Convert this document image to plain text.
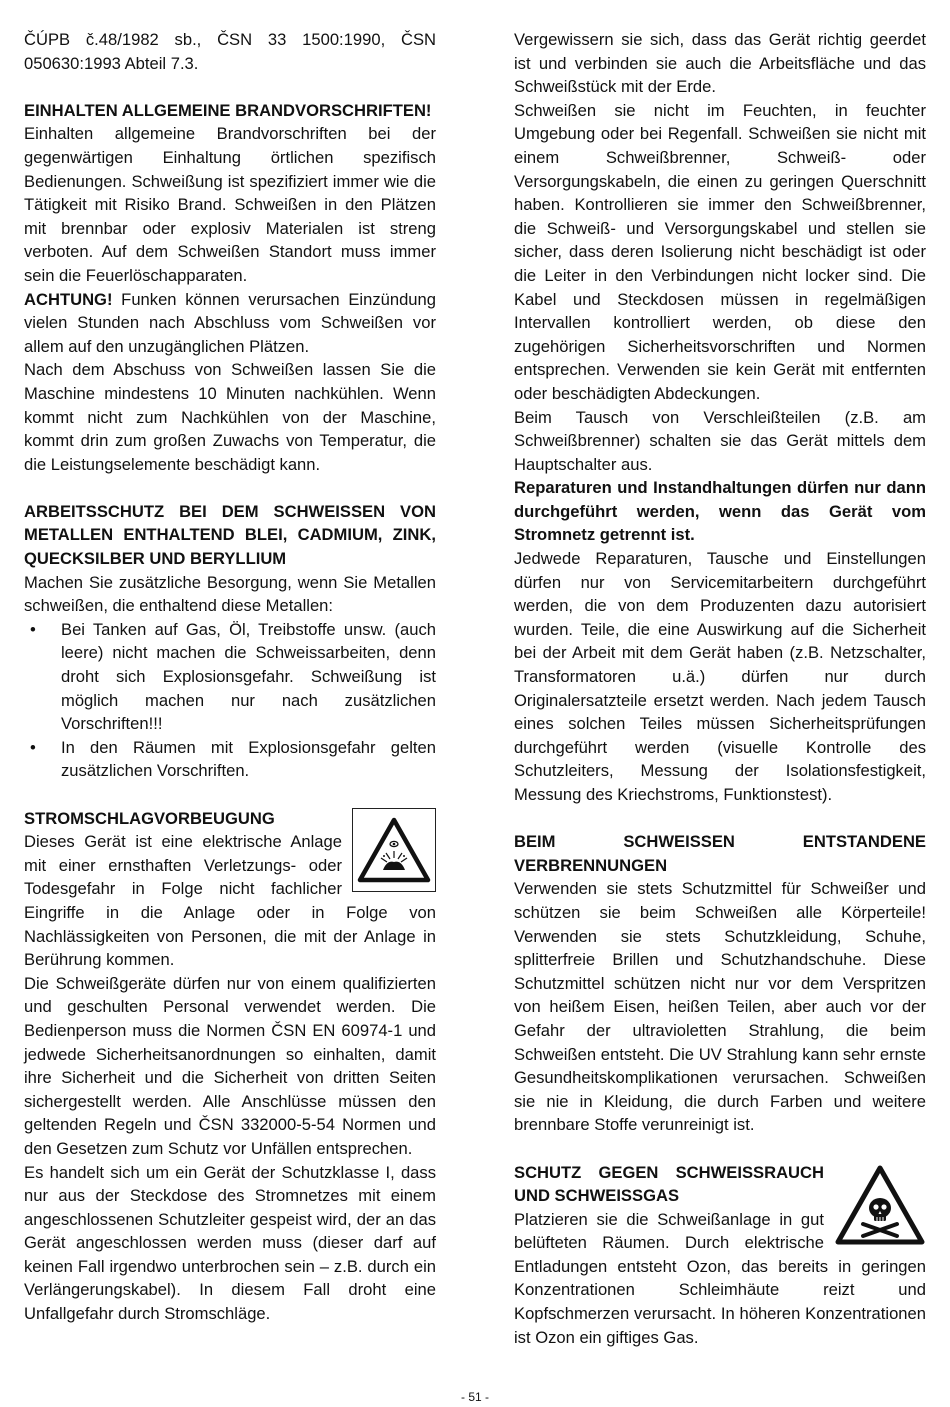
ČÚPB č.48/1982 sb., ČSN 33 1500:1990, ČSN 050630:1993 Abteil 7.3.

EINHALTEN ALLGEMEINE BRANDVORSCHRIFTEN!

Einhalten allgemeine Brandvorschriften bei der gegenwärtigen Einhaltung örtlichen spezifisch Bedienungen. Schweißung ist spezifiziert immer wie die Tätigkeit mit Risiko Brand. Schweißen in den Plätzen mit brennbar oder explosiv Materialen ist streng verboten. Auf dem Schweißen Standort muss immer sein die Feuerlöschapparaten.

ACHTUNG! Funken können verursachen Einzündung vielen Stunden nach Abschluss vom Schweißen vor allem auf den unzugänglichen Plätzen.

Nach dem Abschuss von Schweißen lassen Sie die Maschine mindestens 10 Minuten nachkühlen. Wenn kommt nicht zum Nachkühlen von der Maschine, kommt drin zum großen Zuwachs von Temperatur, die die Leistungselemente beschädigt kann.

ARBEITSSCHUTZ BEI DEM SCHWEISSEN VON METALLEN ENTHALTEND BLEI, CADMIUM, ZINK, QUECKSILBER UND BERYLLIUM

Machen Sie zusätzliche Besorgung, wenn Sie Metallen schweißen, die enthaltend diese Metallen:

• Bei Tanken auf Gas, Öl, Treibstoffe unsw. (auch leere) nicht machen die Schweissarbeiten, denn droht sich Explosionsgefahr. Schweißung ist möglich machen nur nach zusätzlichen Vorschriften!!!
• In den Räumen mit Explosionsgefahr gelten zusätzlichen Vorschriften.

STROMSCHLAGVORBEUGUNG

Dieses Gerät ist eine elektrische Anlage mit einer ernsthaften Verletzungs- oder Todesgefahr in Folge nicht fachlicher Eingriffe in die Anlage oder in Folge von Nachlässigkeiten von Personen, die mit der Anlage in Berührung kommen.

Die Schweißgeräte dürfen nur von einem qualifizierten und geschulten Personal verwendet werden. Die Bedienperson muss die Normen ČSN EN 60974-1 und jedwede Sicherheitsanordnungen so einhalten, damit ihre Sicherheit und die Sicherheit von dritten Seiten sichergestellt werden. Alle Anschlüsse müssen den geltenden Regeln und ČSN 332000-5-54 Normen und den Gesetzen zum Schutz vor Unfällen entsprechen.

Es handelt sich um ein Gerät der Schutzklasse I, dass nur aus der Steckdose des Stromnetzes mit einem angeschlossenen Schutzleiter gespeist wird, der an das Gerät angeschlossen werden muss (dieser darf auf keinen Fall irgendwo unterbrochen sein – z.B. durch ein Verlängerungskabel). In diesem Fall droht eine Unfallgefahr durch Stromschläge.

Vergewissern sie sich, dass das Gerät richtig geerdet ist und verbinden sie auch die Arbeitsfläche und das Schweißstück mit der Erde.

Schweißen sie nicht im Feuchten, in feuchter Umgebung oder bei Regenfall. Schweißen sie nicht mit einem Schweißbrenner, Schweiß- oder Versorgungskabeln, die einen zu geringen Querschnitt haben. Kontrollieren sie immer den Schweißbrenner, die Schweiß- und Versorgungskabel und stellen sie sicher, dass deren Isolierung nicht beschädigt ist oder die Leiter in den Verbindungen nicht locker sind. Die Kabel und Steckdosen müssen in regelmäßigen Intervallen kontrolliert werden, ob diese den zugehörigen Sicherheitsvorschriften und Normen entsprechen. Verwenden sie kein Gerät mit entfernten oder beschädigten Abdeckungen.

Beim Tausch von Verschleißteilen (z.B. am Schweißbrenner) schalten sie das Gerät mittels dem Hauptschalter aus.

Reparaturen und Instandhaltungen dürfen nur dann durchgeführt werden, wenn das Gerät vom Stromnetz getrennt ist.

Jedwede Reparaturen, Tausche und Einstellungen dürfen nur von Servicemitarbeitern durchgeführt werden, die von dem Produzenten dazu autorisiert wurden. Teile, die eine Auswirkung auf die Sicherheit bei der Arbeit mit dem Gerät haben (z.B. Netzschalter, Transformatoren u.ä.) dürfen nur durch Originalersatzteile ersetzt werden. Nach jedem Tausch eines solchen Teiles müssen Sicherheitsprüfungen durchgeführt werden (visuelle Kontrolle des Schutzleiters, Messung der Isolationsfestigkeit, Messung des Kriechstroms, Funktionstest).

BEIM SCHWEISSEN ENTSTANDENE VERBRENNUNGEN

Verwenden sie stets Schutzmittel für Schweißer und schützen sie beim Schweißen alle Körperteile! Verwenden sie stets Schutzkleidung, Schuhe, splitterfreie Brillen und Schutzhandschuhe. Diese Schutzmittel schützen nicht nur vor dem Verspritzen von heißem Eisen, heißen Teilen, aber auch vor der Gefahr der ultravioletten Strahlung, die beim Schweißen entsteht. Die UV Strahlung kann sehr ernste Gesundheitskomplikationen verursachen. Schweißen sie nie in Kleidung, die durch Farben und weitere brennbare Stoffe verunreinigt ist.

SCHUTZ GEGEN SCHWEISSRAUCH UND SCHWEISSGAS

Platzieren sie die Schweißanlage in gut belüfteten Räumen. Durch elektrische Entladungen entsteht Ozon, das bereits in geringen Konzentrationen Schleimhäute reizt und Kopfschmerzen verursacht. In höheren Konzentrationen ist Ozon ein giftiges Gas.

- 51 -
